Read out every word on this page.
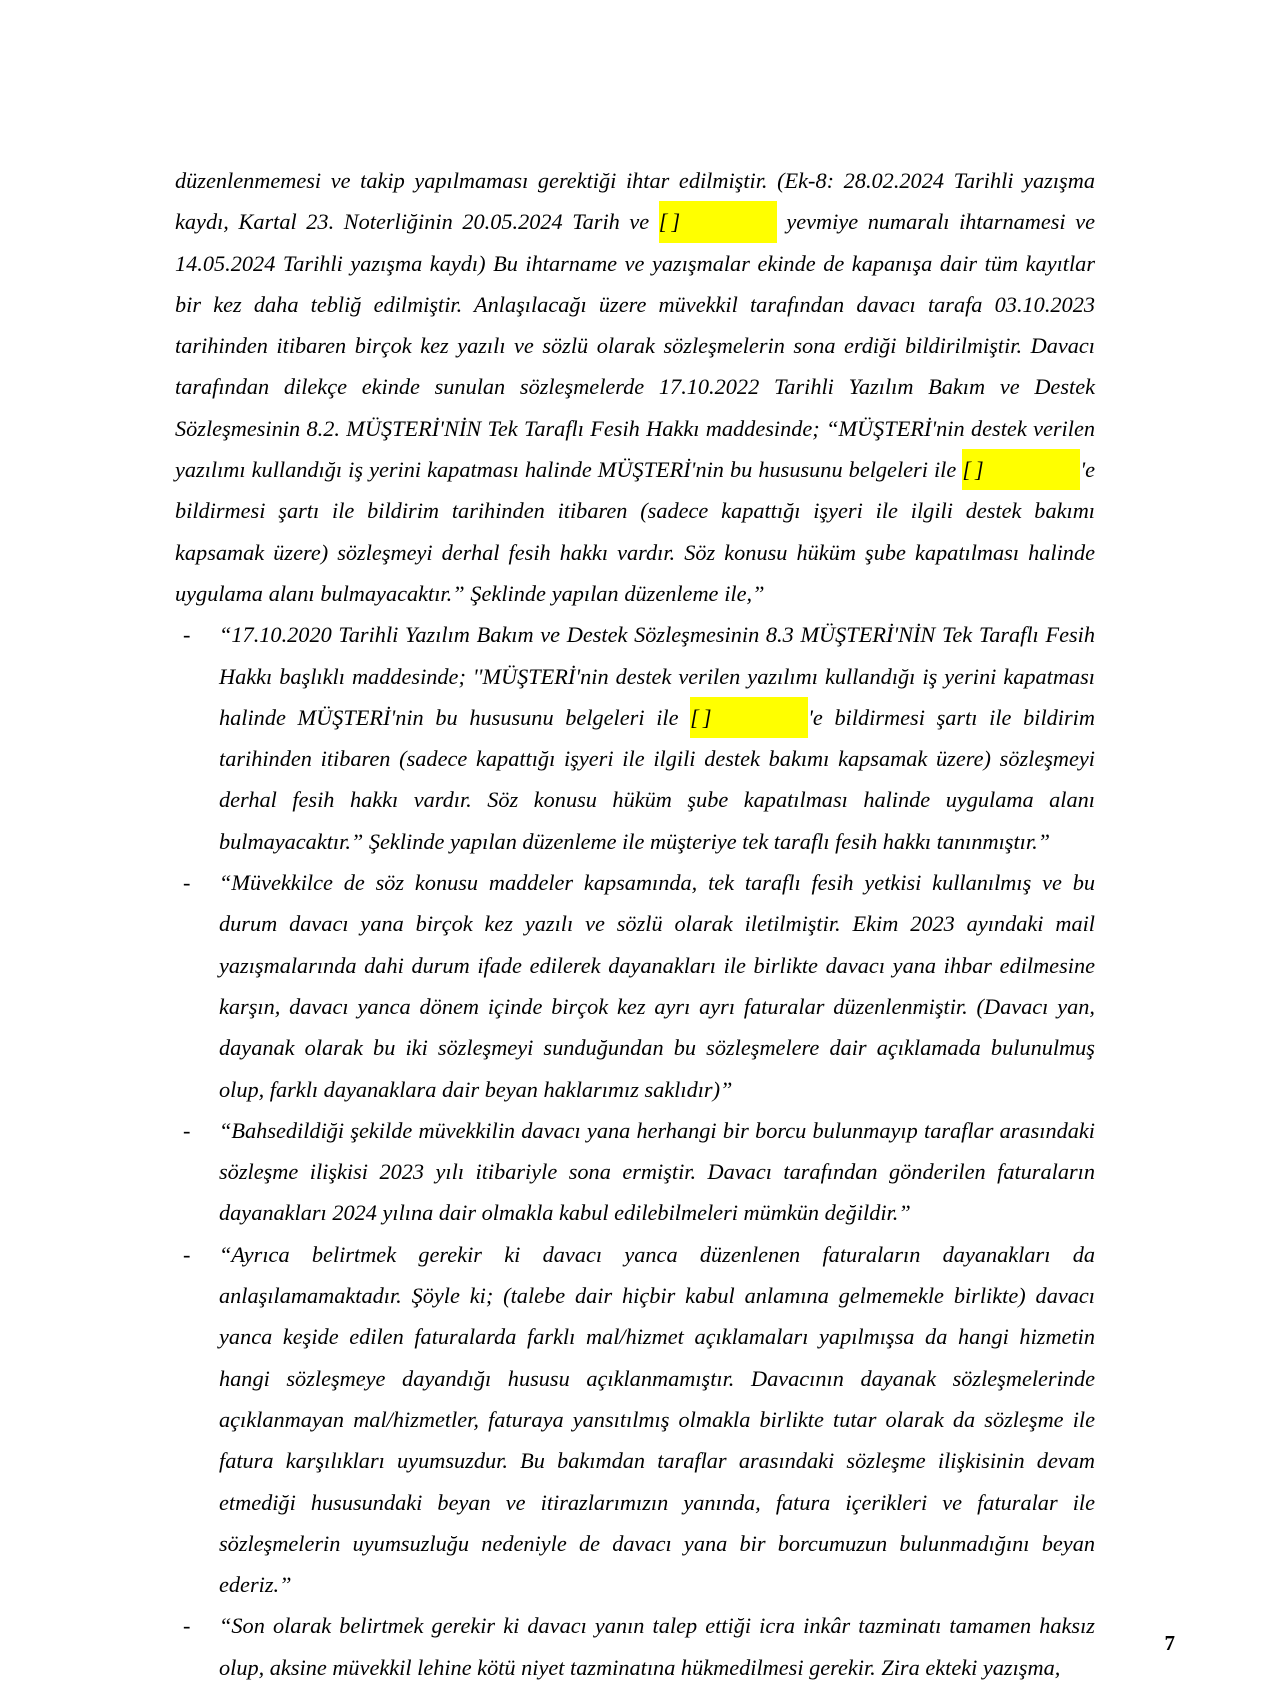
düzenlenmemesi ve takip yapılmaması gerektiği ihtar edilmiştir. (Ek-8: 28.02.2024 Tarihli yazışma kaydı, Kartal 23. Noterliğinin 20.05.2024 Tarih ve [ ]	yevmiye numaralı ihtarnamesi ve 14.05.2024 Tarihli yazışma kaydı) Bu ihtarname ve yazışmalar ekinde de kapanışa dair tüm kayıtlar bir kez daha tebliğ edilmiştir. Anlaşılacağı üzere müvekkil tarafından davacı tarafa 03.10.2023 tarihinden itibaren birçok kez yazılı ve sözlü olarak sözleşmelerin sona erdiği bildirilmiştir. Davacı tarafından dilekçe ekinde sunulan sözleşmelerde 17.10.2022 Tarihli Yazılım Bakım ve Destek Sözleşmesinin 8.2. MÜŞTERİ'NİN Tek Taraflı Fesih Hakkı maddesinde; “MÜŞTERİ'nin destek verilen yazılımı kullandığı iş yerini kapatması halinde MÜŞTERİ'nin bu hususunu belgeleri ile [ ]	'e bildirmesi şartı ile bildirim tarihinden itibaren (sadece kapattığı işyeri ile ilgili destek bakımı kapsamak üzere) sözleşmeyi derhal fesih hakkı vardır. Söz konusu hüküm şube kapatılması halinde uygulama alanı bulmayacaktır.” Şeklinde yapılan düzenleme ile,”

- “17.10.2020 Tarihli Yazılım Bakım ve Destek Sözleşmesinin 8.3 MÜŞTERİ'NİN Tek Taraflı Fesih Hakkı başlıklı maddesinde; ''MÜŞTERİ'nin destek verilen yazılımı kullandığı iş yerini kapatması halinde MÜŞTERİ'nin bu hususunu belgeleri ile [ ]	'e bildirmesi şartı ile bildirim tarihinden itibaren (sadece kapattığı işyeri ile ilgili destek bakımı kapsamak üzere) sözleşmeyi derhal fesih hakkı vardır. Söz konusu hüküm şube kapatılması halinde uygulama alanı bulmayacaktır.” Şeklinde yapılan düzenleme ile müşteriye tek taraflı fesih hakkı tanınmıştır.”

- “Müvekkilce de söz konusu maddeler kapsamında, tek taraflı fesih yetkisi kullanılmış ve bu durum davacı yana birçok kez yazılı ve sözlü olarak iletilmiştir. Ekim 2023 ayındaki mail yazışmalarında dahi durum ifade edilerek dayanakları ile birlikte davacı yana ihbar edilmesine karşın, davacı yanca dönem içinde birçok kez ayrı ayrı faturalar düzenlenmiştir. (Davacı yan, dayanak olarak bu iki sözleşmeyi sunduğundan bu sözleşmelere dair açıklamada bulunulmuş olup, farklı dayanaklara dair beyan haklarımız saklıdır)”

- “Bahsedildiği şekilde müvekkilin davacı yana herhangi bir borcu bulunmayıp taraflar arasındaki sözleşme ilişkisi 2023 yılı itibariyle sona ermiştir. Davacı tarafından gönderilen faturaların dayanakları 2024 yılına dair olmakla kabul edilebilmeleri mümkün değildir.”

- “Ayrıca belirtmek gerekir ki davacı yanca düzenlenen faturaların dayanakları da anlaşılamamaktadır. Şöyle ki; (talebe dair hiçbir kabul anlamına gelmemekle birlikte) davacı yanca keşide edilen faturalarda farklı mal/hizmet açıklamaları yapılmışsa da hangi hizmetin hangi sözleşmeye dayandığı hususu açıklanmamıştır. Davacının dayanak sözleşmelerinde açıklanmayan mal/hizmetler, faturaya yansıtılmış olmakla birlikte tutar olarak da sözleşme ile fatura karşılıkları uyumsuzdur. Bu bakımdan taraflar arasındaki sözleşme ilişkisinin devam etmediği hususundaki beyan ve itirazlarımızın yanında, fatura içerikleri ve faturalar ile sözleşmelerin uyumsuzluğu nedeniyle de davacı yana bir borcumuzun bulunmadığını beyan ederiz.”

- “Son olarak belirtmek gerekir ki davacı yanın talep ettiği icra inkâr tazminatı tamamen haksız olup, aksine müvekkil lehine kötü niyet tazminatına hükmedilmesi gerekir. Zira ekteki yazışma,

7
